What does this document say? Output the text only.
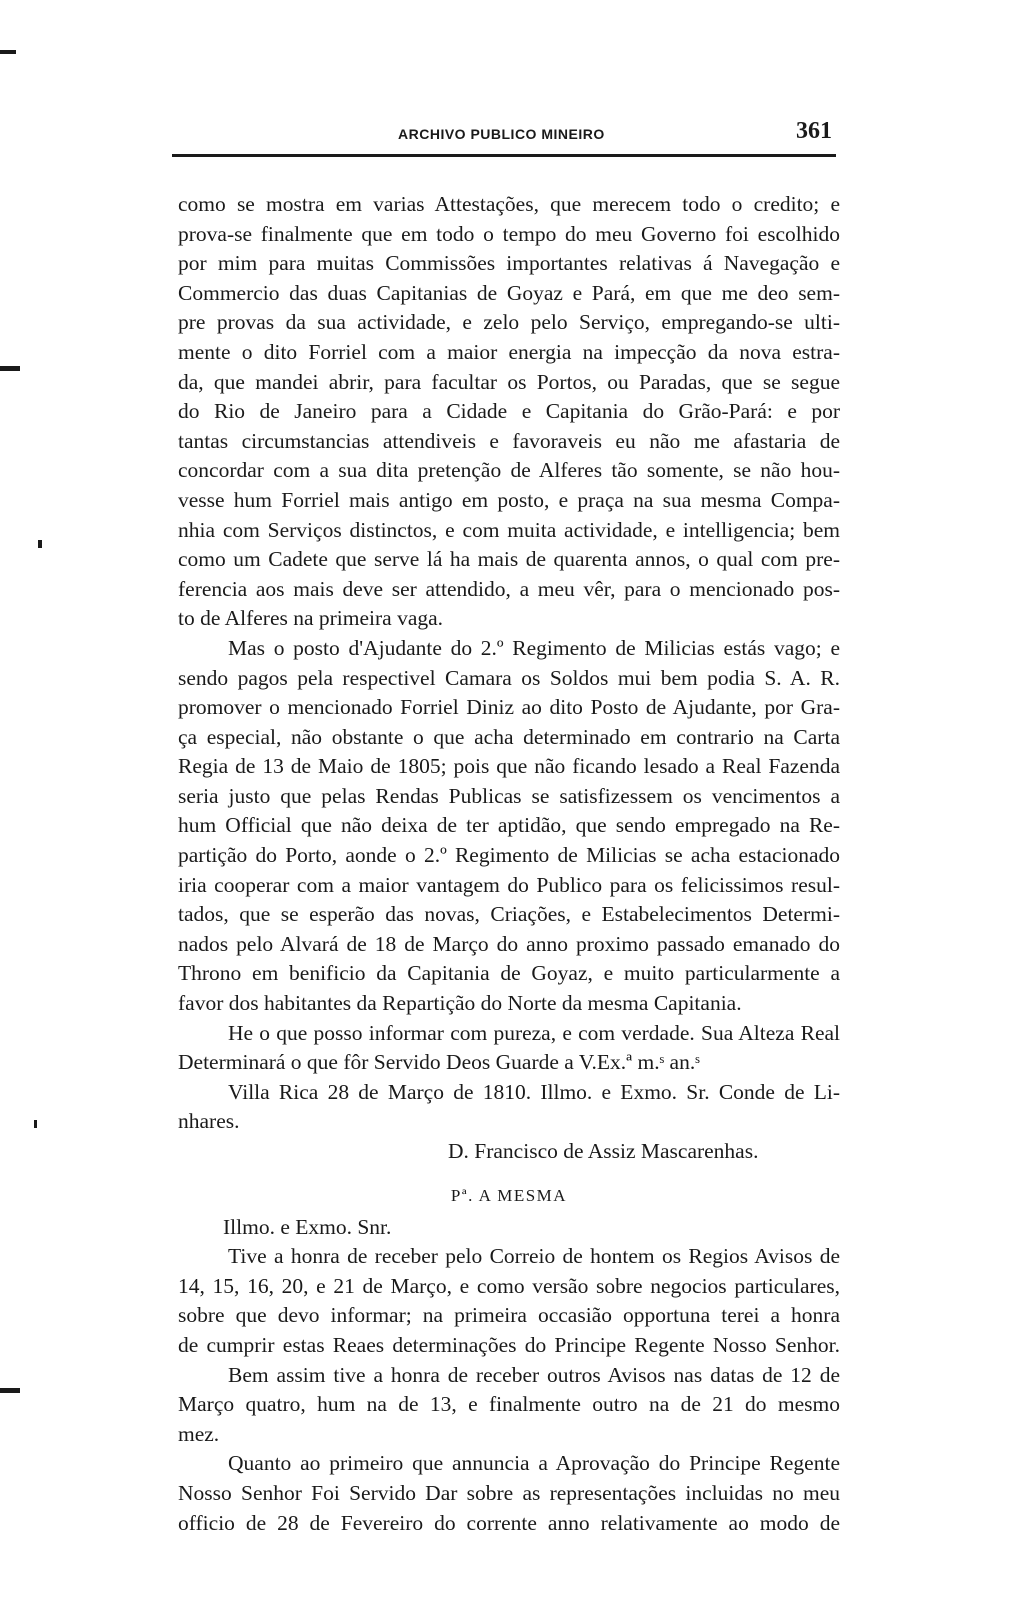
ARCHIVO PUBLICO MINEIRO	361
como se mostra em varias Attestações, que merecem todo o credito; e
prova-se finalmente que em todo o tempo do meu Governo foi escolhido
por mim para muitas Commissões importantes relativas á Navegação e
Commercio das duas Capitanias de Goyaz e Pará, em que me deo sem-
pre provas da sua actividade, e zelo pelo Serviço, empregando-se ulti-
mente o dito Forriel com a maior energia na impecção da nova estra-
da, que mandei abrir, para facultar os Portos, ou Paradas, que se segue
do Rio de Janeiro para a Cidade e Capitania do Grão-Pará: e por
tantas circumstancias attendiveis e favoraveis eu não me afastaria de
concordar com a sua dita pretenção de Alferes tão somente, se não hou-
vesse hum Forriel mais antigo em posto, e praça na sua mesma Compa-
nhia com Serviços distinctos, e com muita actividade, e intelligencia; bem
como um Cadete que serve lá ha mais de quarenta annos, o qual com pre-
ferencia aos mais deve ser attendido, a meu vêr, para o mencionado pos-
to de Alferes na primeira vaga.
Mas o posto d'Ajudante do 2.º Regimento de Milicias estás vago; e
sendo pagos pela respectivel Camara os Soldos mui bem podia S. A. R.
promover o mencionado Forriel Diniz ao dito Posto de Ajudante, por Gra-
ça especial, não obstante o que acha determinado em contrario na Carta
Regia de 13 de Maio de 1805; pois que não ficando lesado a Real Fazenda
seria justo que pelas Rendas Publicas se satisfizessem os vencimentos a
hum Official que não deixa de ter aptidão, que sendo empregado na Re-
partição do Porto, aonde o 2.º Regimento de Milicias se acha estacionado
iria cooperar com a maior vantagem do Publico para os felicissimos resul-
tados, que se esperão das novas, Criações, e Estabelecimentos Determi-
nados pelo Alvará de 18 de Março do anno proximo passado emanado do
Throno em benificio da Capitania de Goyaz, e muito particularmente a
favor dos habitantes da Repartição do Norte da mesma Capitania.
He o que posso informar com pureza, e com verdade. Sua Alteza Real
Determinará o que fôr Servido Deos Guarde a V.Ex.ª m.ˢ an.ˢ
Villa Rica 28 de Março de 1810. Illmo. e Exmo. Sr. Conde de Li-
nhares.
D. Francisco de Assiz Mascarenhas.
Pª. A MESMA
Illmo. e Exmo. Snr.
Tive a honra de receber pelo Correio de hontem os Regios Avisos de
14, 15, 16, 20, e 21 de Março, e como versão sobre negocios particulares,
sobre que devo informar; na primeira occasião opportuna terei a honra
de cumprir estas Reaes determinações do Principe Regente Nosso Senhor.
Bem assim tive a honra de receber outros Avisos nas datas de 12 de
Março quatro, hum na de 13, e finalmente outro na de 21 do mesmo
mez.
Quanto ao primeiro que annuncia a Aprovação do Principe Regente
Nosso Senhor Foi Servido Dar sobre as representações incluidas no meu
officio de 28 de Fevereiro do corrente anno relativamente ao modo de
